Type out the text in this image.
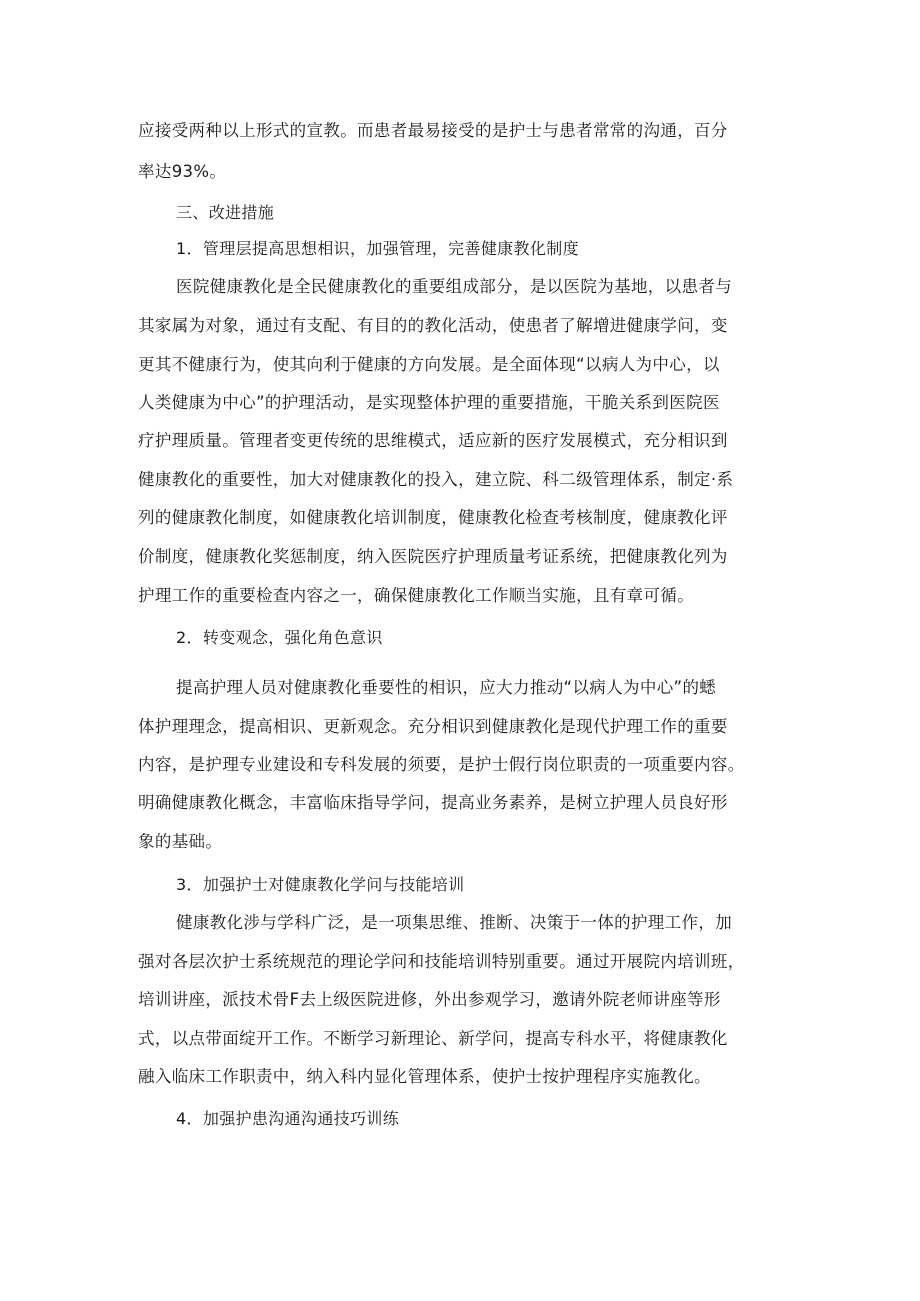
应接受两种以上形式的宣教。而患者最易接受的是护士与患者常常的沟通，百分
率达93%。
三、改进措施
1．管理层提高思想相识，加强管理，完善健康教化制度
医院健康教化是全民健康教化的重要组成部分，是以医院为基地，以患者与
其家属为对象，通过有支配、有目的的教化活动，使患者了解增进健康学问，变
更其不健康行为，使其向利于健康的方向发展。是全面体现“以病人为中心，以
人类健康为中心”的护理活动，是实现整体护理的重要措施，干脆关系到医院医
疗护理质量。管理者变更传统的思维模式，适应新的医疗发展模式，充分相识到
健康教化的重要性，加大对健康教化的投入，建立院、科二级管理体系，制定·系
列的健康教化制度，如健康教化培训制度，健康教化检查考核制度，健康教化评
价制度，健康教化奖惩制度，纳入医院医疗护理质量考证系统，把健康教化列为
护理工作的重要检查内容之一，确保健康教化工作顺当实施，且有章可循。
2．转变观念，强化角色意识
提高护理人员对健康教化垂要性的相识，应大力推动“以病人为中心”的蟋
体护理理念，提高相识、更新观念。充分相识到健康教化是现代护理工作的重要
内容，是护理专业建设和专科发展的须要，是护士假行岗位职责的一项重要内容。
明确健康教化概念，丰富临床指导学问，提高业务素养，是树立护理人员良好形
象的基础。
3．加强护士对健康教化学问与技能培训
健康教化涉与学科广泛，是一项集思维、推断、决策于一体的护理工作，加
强对各层次护士系统规范的理论学问和技能培训特别重要。通过开展院内培训班，
培训讲座，派技术骨F去上级医院进修，外出参观学习，邀请外院老师讲座等形
式，以点带面绽开工作。不断学习新理论、新学问，提高专科水平，将健康教化
融入临床工作职责中，纳入科内显化管理体系，使护士按护理程序实施教化。
4．加强护患沟通沟通技巧训练
